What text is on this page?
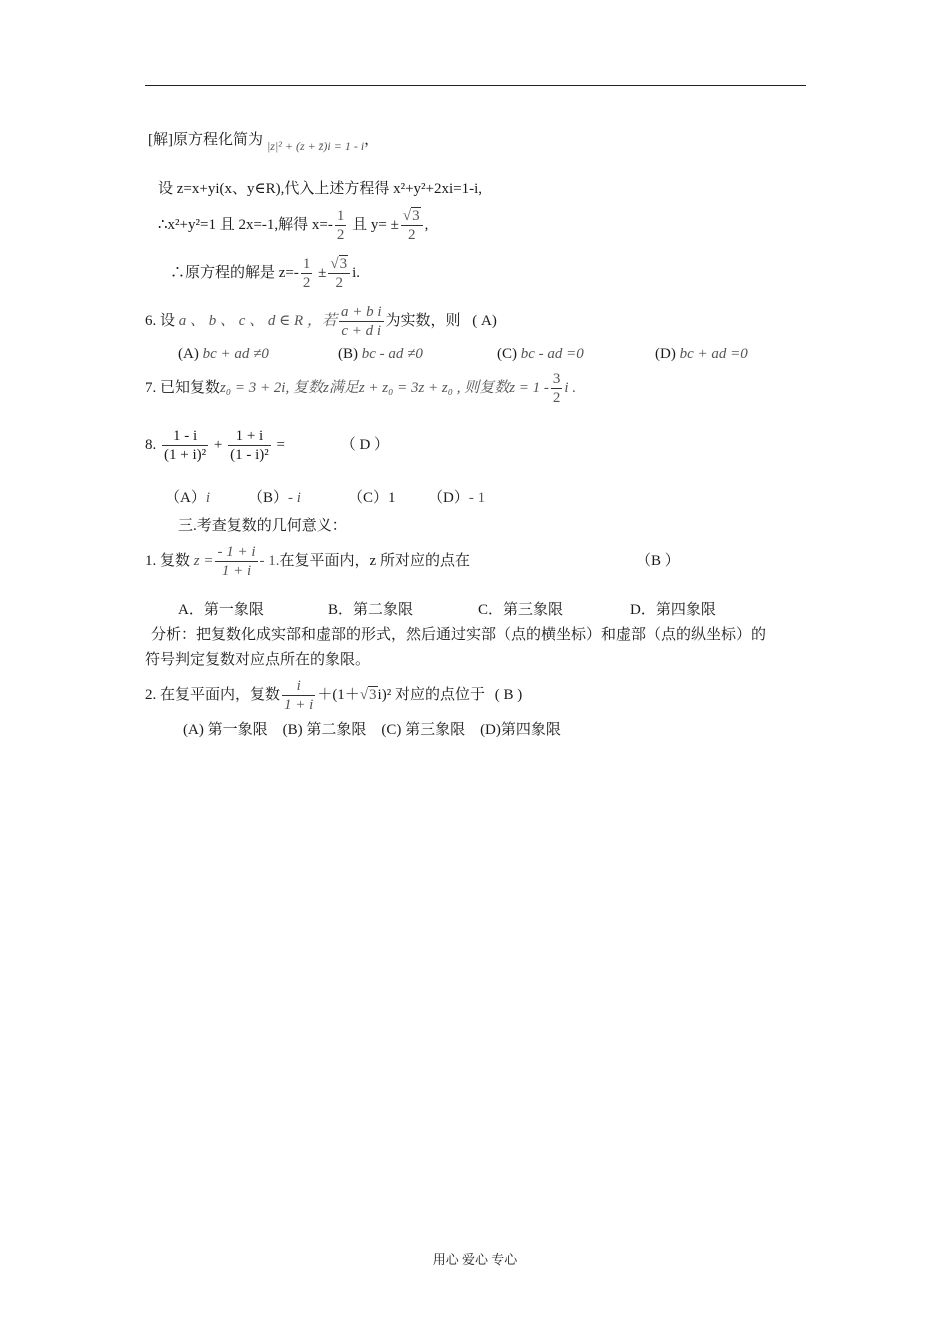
[解]原方程化简为 $_{|z|^2 + (z + z̄)i = 1 - i}$，
设 z=x+yi(x、y∈R),代入上述方程得 x²+y²+2xi=1-i,
∴x²+y²=1 且 2x=-1,解得 $x=- \frac{1}{2}$ 且 $y= \pm \frac{√3}{2}$ ,
∴原方程的解是 $z=- \frac{1}{2} \pm \frac{√3}{2} i$.
6. 设 a 、 b 、 c 、 d ∈ R ，若 $\frac{\text{a + b i}}{\text{c + d i}}$ 为实数，则 ( A)
(A) bc + ad ≠0	(B) bc - ad ≠0	(C) bc - ad =0	(D) bc + ad =0
7. 已知复数z₀ = 3 + 2i, 复数z满足z + z₀ = 3z + z₀ , 则复数$z = 1 - \frac{3}{2}$ i .
8. $\frac{1 - i}{\text{(1 + i)²}} + \frac{1 + i}{\text{(1 - i)²}}$ =	（ D ）
（A）i	（B）- i	（C）1 （D）- 1
三.考查复数的几何意义：
1. 复数 $z = \frac{- 1 + i}{1 + i} - 1$.在复平面内，z 所对应的点在	（B ）
A．第一象限	B．第二象限	C．第三象限	D．第四象限
分析：把复数化成实部和虚部的形式，然后通过实部（点的横坐标）和虚部（点的纵坐标）的
符号判定复数对应点所在的象限。
2. 在复平面内，复数 $\frac{i}{1 + i} +(1+√3i)^2$ 对应的点位于 ( B )
(A) 第一象限    (B) 第二象限    (C) 第三象限    (D)第四象限
用心 爱心 专心
